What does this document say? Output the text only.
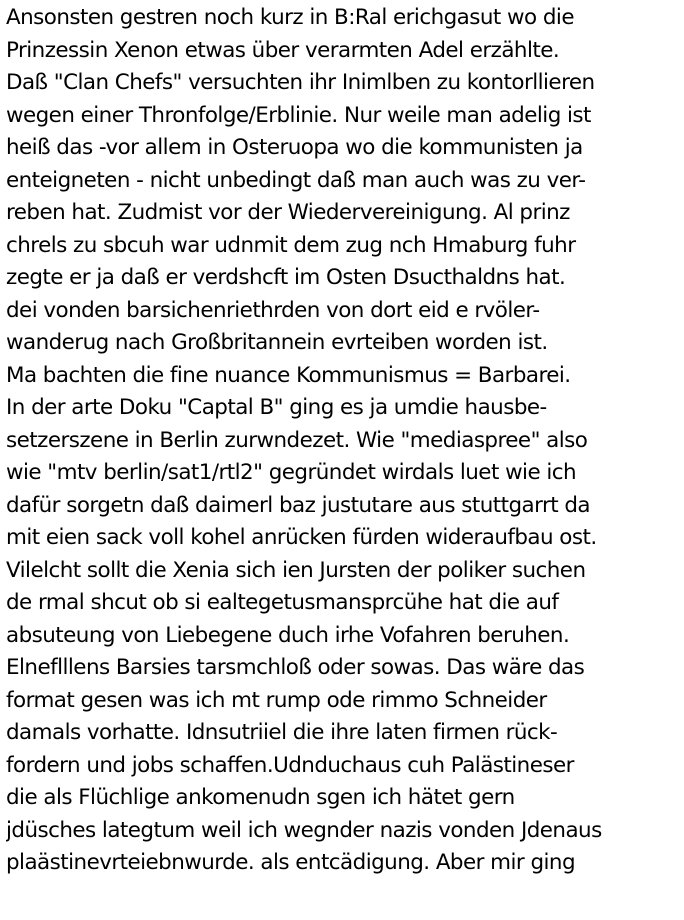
Ansonsten gestren noch kurz in B:Ral erichgasut wo die
Prinzessin Xenon etwas über verarmten Adel erzählte.
Daß "Clan Chefs" versuchten ihr Inimlben zu kontorllieren
wegen einer Thronfolge/Erblinie. Nur weile man adelig ist
heiß das -vor allem in Osteruopa wo die kommunisten ja
enteigneten - nicht unbedingt daß man auch was zu ver-
reben hat. Zudmist vor der Wiedervereinigung. Al prinz
chrels zu sbcuh war udnmit dem zug nch Hmaburg fuhr
zegte er ja daß er verdshcft im Osten Dsucthaldns hat.
dei vonden barsichenriethrden von dort eid e rvöler-
wanderug nach Großbritannein evrteiben worden ist.
Ma bachten die fine nuance Kommunismus = Barbarei.
In der arte Doku "Captal B" ging es ja umdie hausbe-
setzerszene in Berlin zurwndezet. Wie "mediaspree" also
wie "mtv berlin/sat1/rtl2" gegründet wirdals luet wie ich
dafür sorgetn daß daimerl baz justutare aus stuttgarrt da
mit eien sack voll kohel anrücken fürden wideraufbau ost.
Vilelcht sollt die Xenia sich ien Jursten der poliker suchen
de rmal shcut ob si ealtegetusmansprcühe hat die auf
absuteung von Liebegene duch irhe Vofahren beruhen.
Elneflllens Barsies tarsmchloß oder sowas. Das wäre das
format gesen was ich mt rump ode rimmo Schneider
damals vorhatte. Idnsutriiel die ihre laten firmen rück-
fordern und jobs schaffen.Udnduchaus cuh Palästineser
die als Flüchlige ankomenudn sgen ich hätet gern
jdüsches lategtum weil ich wegnder nazis vonden Jdenaus
plaästinevrteiebnwurde. als entcädigung. Aber mir ging
